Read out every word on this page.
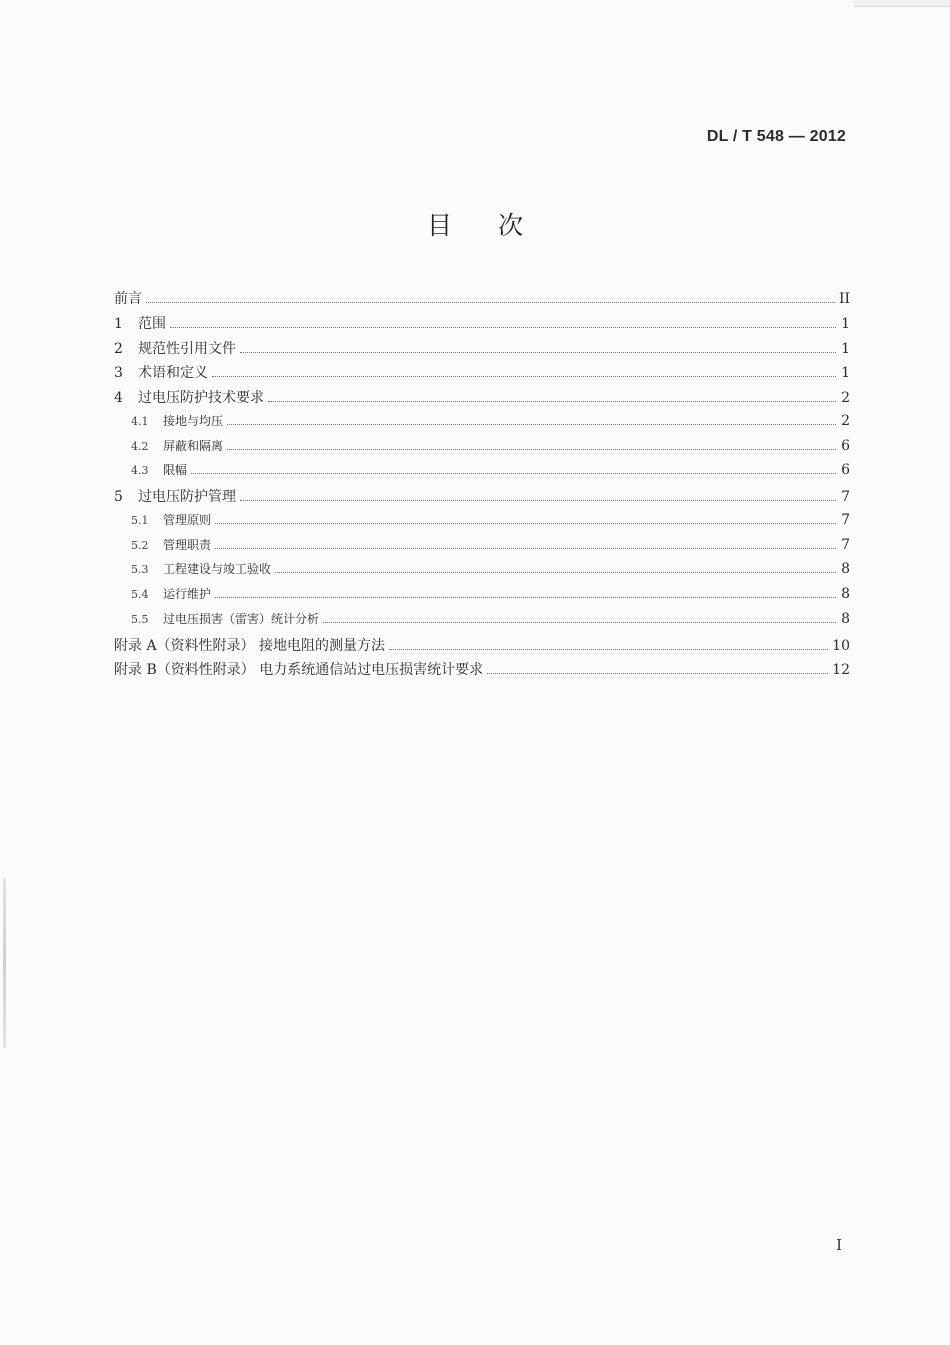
DL / T 548 — 2012
目次
前言	II
1	范围	1
2	规范性引用文件	1
3	术语和定义	1
4	过电压防护技术要求	2
4.1	接地与均压	2
4.2	屏蔽和隔离	6
4.3	限幅	6
5	过电压防护管理	7
5.1	管理原则	7
5.2	管理职责	7
5.3	工程建设与竣工验收	8
5.4	运行维护	8
5.5	过电压损害（雷害）统计分析	8
附录 A（资料性附录） 接地电阻的测量方法	10
附录 B（资料性附录） 电力系统通信站过电压损害统计要求	12
I
